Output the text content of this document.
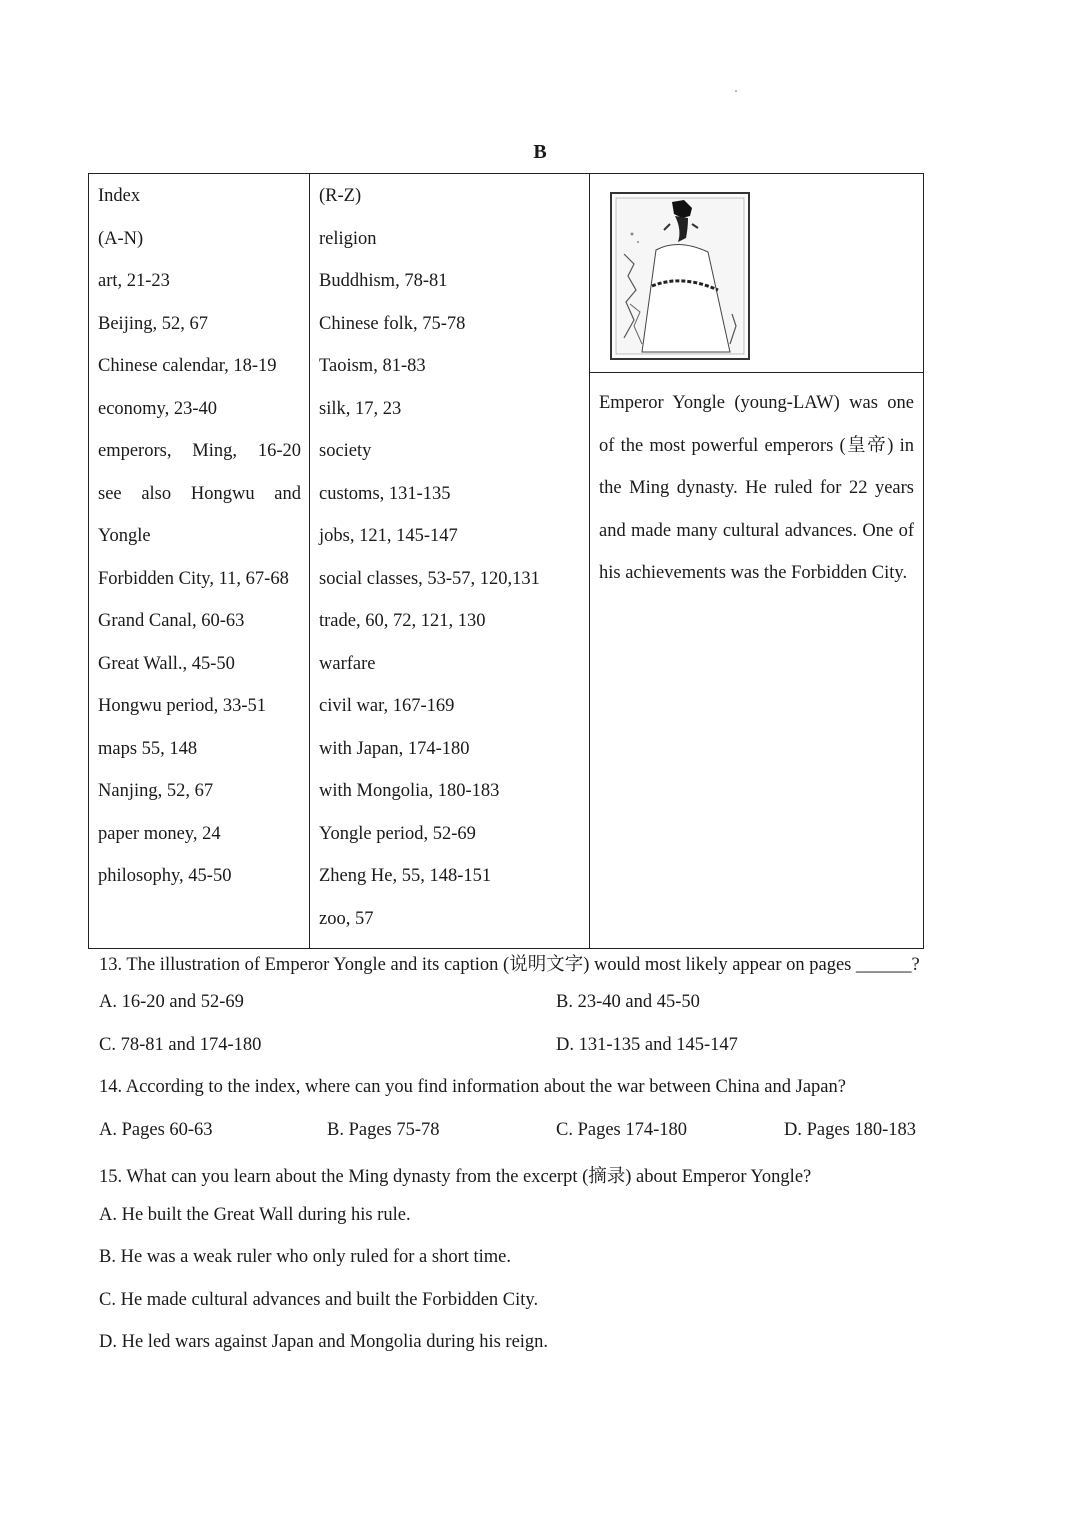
B
Index
(A-N)
art, 21-23
Beijing, 52, 67
Chinese calendar, 18-19
economy, 23-40
emperors, Ming, 16-20
see also Hongwu and
Yongle
Forbidden City, 11, 67-68
Grand Canal, 60-63
Great Wall., 45-50
Hongwu period, 33-51
maps 55, 148
Nanjing, 52, 67
paper money, 24
philosophy, 45-50

(R-Z)
religion
Buddhism, 78-81
Chinese folk, 75-78
Taoism, 81-83
silk, 17, 23
society
customs, 131-135
jobs, 121, 145-147
social classes, 53-57, 120,131
trade, 60, 72, 121, 130
warfare
civil war, 167-169
with Japan, 174-180
with Mongolia, 180-183
Yongle period, 52-69
Zheng He, 55, 148-151
zoo, 57

Emperor Yongle (young-LAW) was one of the most powerful emperors (皇帝) in the Ming dynasty. He ruled for 22 years and made many cultural advances. One of his achievements was the Forbidden City.
13. The illustration of Emperor Yongle and its caption (说明文字) would most likely appear on pages ______?
A. 16-20 and 52-69	B. 23-40 and 45-50
C. 78-81 and 174-180	D. 131-135 and 145-147
14. According to the index, where can you find information about the war between China and Japan?
A. Pages 60-63	B. Pages 75-78	C. Pages 174-180	D. Pages 180-183
15. What can you learn about the Ming dynasty from the excerpt (摘录) about Emperor Yongle?
A. He built the Great Wall during his rule.
B. He was a weak ruler who only ruled for a short time.
C. He made cultural advances and built the Forbidden City.
D. He led wars against Japan and Mongolia during his reign.
